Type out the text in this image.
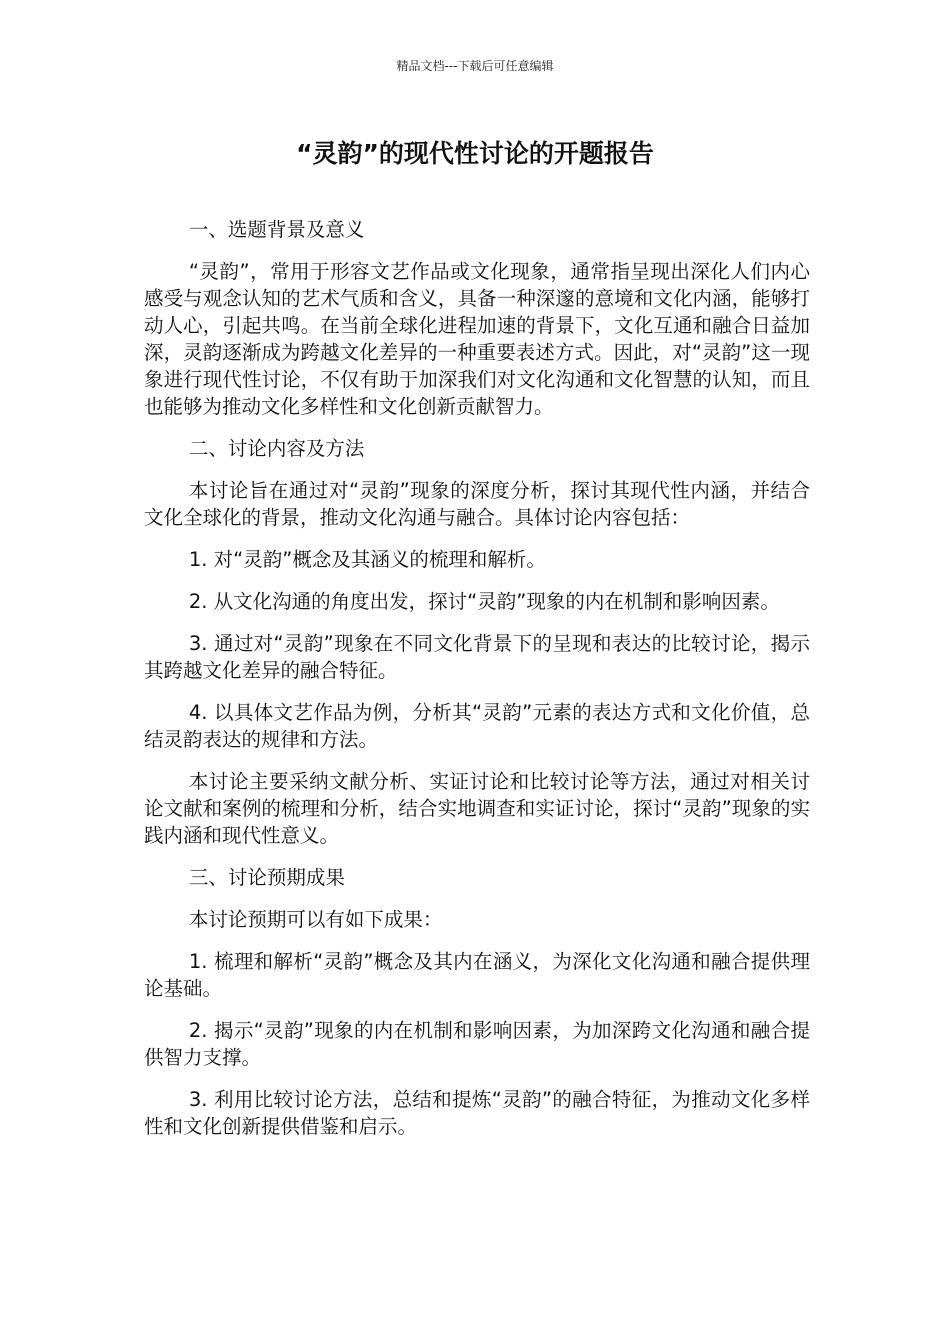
精品文档---下载后可任意编辑
“灵韵”的现代性讨论的开题报告

一、选题背景及意义

“灵韵”，常用于形容文艺作品或文化现象，通常指呈现出深化人们内心感受与观念认知的艺术气质和含义，具备一种深邃的意境和文化内涵，能够打动人心，引起共鸣。在当前全球化进程加速的背景下，文化互通和融合日益加深，灵韵逐渐成为跨越文化差异的一种重要表述方式。因此，对“灵韵”这一现象进行现代性讨论，不仅有助于加深我们对文化沟通和文化智慧的认知，而且也能够为推动文化多样性和文化创新贡献智力。

二、讨论内容及方法

本讨论旨在通过对“灵韵”现象的深度分析，探讨其现代性内涵，并结合文化全球化的背景，推动文化沟通与融合。具体讨论内容包括：

1. 对“灵韵”概念及其涵义的梳理和解析。

2. 从文化沟通的角度出发，探讨“灵韵”现象的内在机制和影响因素。

3. 通过对“灵韵”现象在不同文化背景下的呈现和表达的比较讨论，揭示其跨越文化差异的融合特征。

4. 以具体文艺作品为例，分析其“灵韵”元素的表达方式和文化价值，总结灵韵表达的规律和方法。

本讨论主要采纳文献分析、实证讨论和比较讨论等方法，通过对相关讨论文献和案例的梳理和分析，结合实地调查和实证讨论，探讨“灵韵”现象的实践内涵和现代性意义。

三、讨论预期成果

本讨论预期可以有如下成果：

1. 梳理和解析“灵韵”概念及其内在涵义，为深化文化沟通和融合提供理论基础。

2. 揭示“灵韵”现象的内在机制和影响因素，为加深跨文化沟通和融合提供智力支撑。

3. 利用比较讨论方法，总结和提炼“灵韵”的融合特征，为推动文化多样性和文化创新提供借鉴和启示。
